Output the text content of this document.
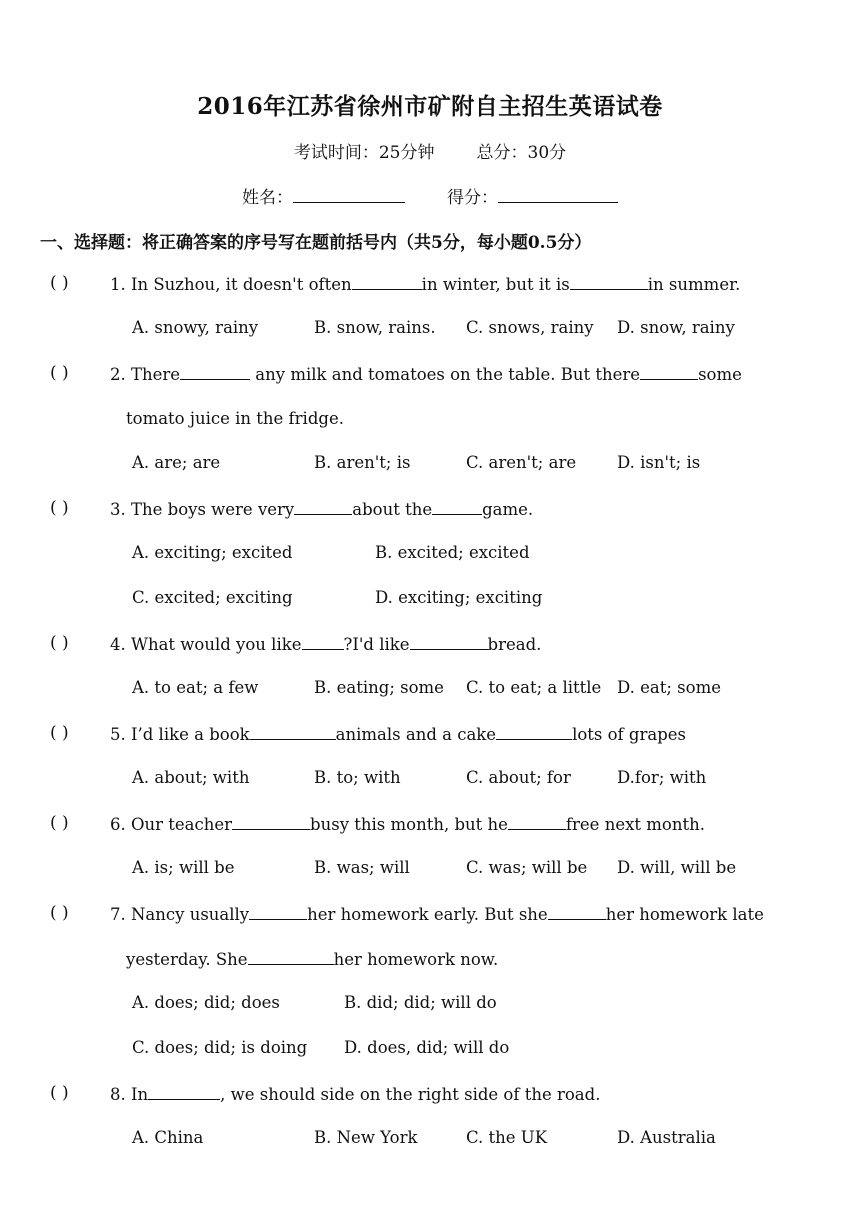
2016年江苏省徐州市矿附自主招生英语试卷
考试时间：25分钟 总分：30分
姓名：	得分：
一、选择题：将正确答案的序号写在题前括号内（共5分，每小题0.5分）
( )	1. In Suzhou, it doesn't often	in winter, but it is	in summer.
A. snowy, rainy	B. snow, rains. C. snows, rainy D. snow, rainy
( )	2. There	any milk and tomatoes on the table. But there	some
tomato juice in the fridge.
A. are; are	B. aren't; is	C. aren't; are D. isn't; is
( )	3. The boys were very	about the	game.
A. exciting; excited	B. excited; excited
C. excited; exciting	D. exciting; exciting
( )	4. What would you like	?I'd like	bread.
A. to eat; a few	B. eating; some C. to eat; a little D. eat; some
( )	5. I’d like a book	animals and a cake	lots of grapes
A. about; with	B. to; with	C. about; for	D.for; with
( )	6. Our teacher	busy this month, but he	free next month.
A. is; will be	B. was; will	C. was; will be D. will, will be
( )	7. Nancy usually	her homework early. But she	her homework late
yesterday. She	her homework now.
A. does; did; does	B. did; did; will do
C. does; did; is doing D. does, did; will do
( )	8. In	, we should side on the right side of the road.
A. China	B. New York	C. the UK	D. Australia
